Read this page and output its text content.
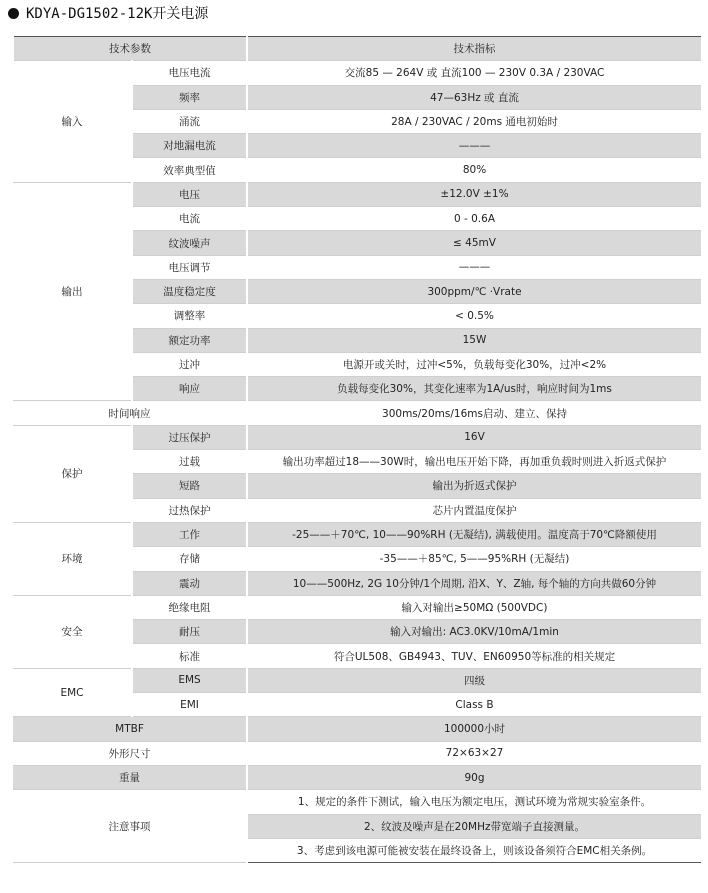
KDYA-DG1502-12K开关电源
技术参数		技术指标
输入	电压电流	交流85 — 264V 或 直流100 — 230V 0.3A / 230VAC
	频率	47—63Hz 或 直流
	涌流	28A / 230VAC / 20ms 通电初始时
	对地漏电流	———
	效率典型值	80%
输出	电压	±12.0V ±1%
	电流	0 - 0.6A
	纹波噪声	≤ 45mV
	电压调节	———
	温度稳定度	300ppm/℃ ·Vrate
	调整率	< 0.5%
	额定功率	15W
	过冲	电源开或关时，过冲<5%，负载每变化30%，过冲<2%
	响应	负载每变化30%，其变化速率为1A/us时，响应时间为1ms
时间响应		300ms/20ms/16ms启动、建立、保持
保护	过压保护	16V
	过载	输出功率超过18——30W时，输出电压开始下降，再加重负载时则进入折返式保护
	短路	输出为折返式保护
	过热保护	芯片内置温度保护
环境	工作	-25——＋70℃, 10——90%RH (无凝结), 满载使用。温度高于70℃降额使用
	存储	-35——＋85℃, 5——95%RH (无凝结)
	震动	10——500Hz, 2G 10分钟/1个周期, 沿X、Y、Z轴, 每个轴的方向共做60分钟
安全	绝缘电阻	输入对输出≥50MΩ (500VDC)
	耐压	输入对输出: AC3.0KV/10mA/1min
	标准	符合UL508、GB4943、TUV、EN60950等标准的相关规定
EMC	EMS	四级
	EMI	Class B
MTBF		100000小时
外形尺寸		72×63×27
重量		90g
注意事项		1、规定的条件下测试，输入电压为额定电压，测试环境为常规实验室条件。
		2、纹波及噪声是在20MHz带宽端子直接测量。
		3、考虑到该电源可能被安装在最终设备上，则该设备须符合EMC相关条例。
